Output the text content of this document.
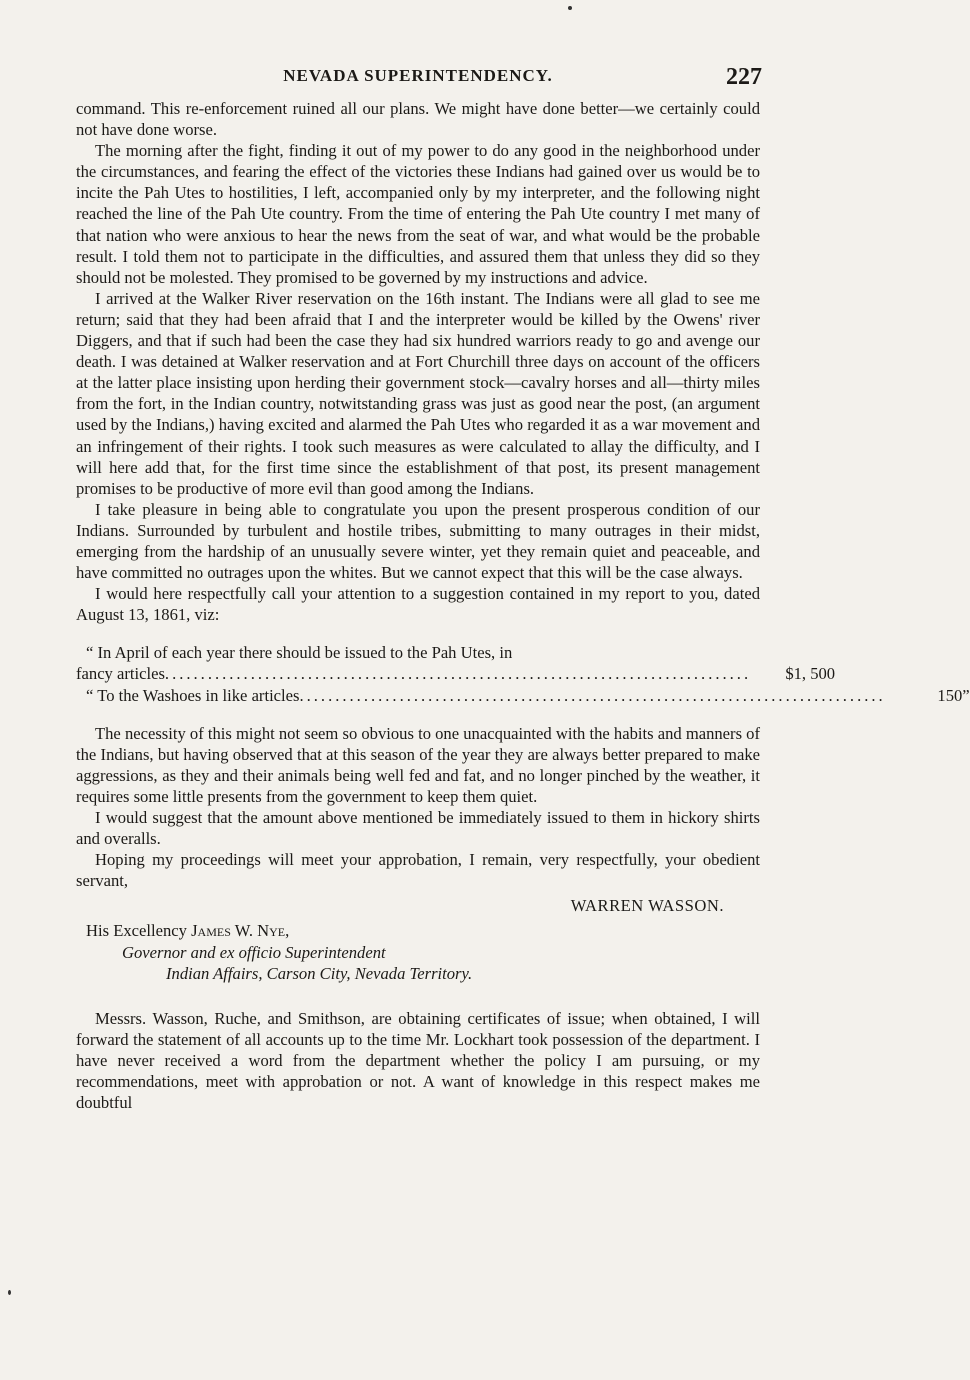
NEVADA SUPERINTENDENCY.	227

command. This re-enforcement ruined all our plans. We might have done better—we certainly could not have done worse.

The morning after the fight, finding it out of my power to do any good in the neighborhood under the circumstances, and fearing the effect of the victories these Indians had gained over us would be to incite the Pah Utes to hostilities, I left, accompanied only by my interpreter, and the following night reached the line of the Pah Ute country. From the time of entering the Pah Ute country I met many of that nation who were anxious to hear the news from the seat of war, and what would be the probable result. I told them not to participate in the difficulties, and assured them that unless they did so they should not be molested. They promised to be governed by my instructions and advice.

I arrived at the Walker River reservation on the 16th instant. The Indians were all glad to see me return; said that they had been afraid that I and the interpreter would be killed by the Owens' river Diggers, and that if such had been the case they had six hundred warriors ready to go and avenge our death. I was detained at Walker reservation and at Fort Churchill three days on account of the officers at the latter place insisting upon herding their government stock—cavalry horses and all—thirty miles from the fort, in the Indian country, notwitstanding grass was just as good near the post, (an argument used by the Indians,) having excited and alarmed the Pah Utes who regarded it as a war movement and an infringement of their rights. I took such measures as were calculated to allay the difficulty, and I will here add that, for the first time since the establishment of that post, its present management promises to be productive of more evil than good among the Indians.

I take pleasure in being able to congratulate you upon the present prosperous condition of our Indians. Surrounded by turbulent and hostile tribes, submitting to many outrages in their midst, emerging from the hardship of an unusually severe winter, yet they remain quiet and peaceable, and have committed no outrages upon the whites. But we cannot expect that this will be the case always.

I would here respectfully call your attention to a suggestion contained in my report to you, dated August 13, 1861, viz:

“ In April of each year there should be issued to the Pah Utes, in
fancy articles ..................................................................................	$1, 500
“ To the Washoes in like articles ..................................................................................	150”

The necessity of this might not seem so obvious to one unacquainted with the habits and manners of the Indians, but having observed that at this season of the year they are always better prepared to make aggressions, as they and their animals being well fed and fat, and no longer pinched by the weather, it requires some little presents from the government to keep them quiet.

I would suggest that the amount above mentioned be immediately issued to them in hickory shirts and overalls.

Hoping my proceedings will meet your approbation, I remain, very respectfully, your obedient servant,

WARREN WASSON.
His Excellency James W. Nye,
Governor and ex officio Superintendent
Indian Affairs, Carson City, Nevada Territory.

Messrs. Wasson, Ruche, and Smithson, are obtaining certificates of issue; when obtained, I will forward the statement of all accounts up to the time Mr. Lockhart took possession of the department. I have never received a word from the department whether the policy I am pursuing, or my recommendations, meet with approbation or not. A want of knowledge in this respect makes me doubtful
